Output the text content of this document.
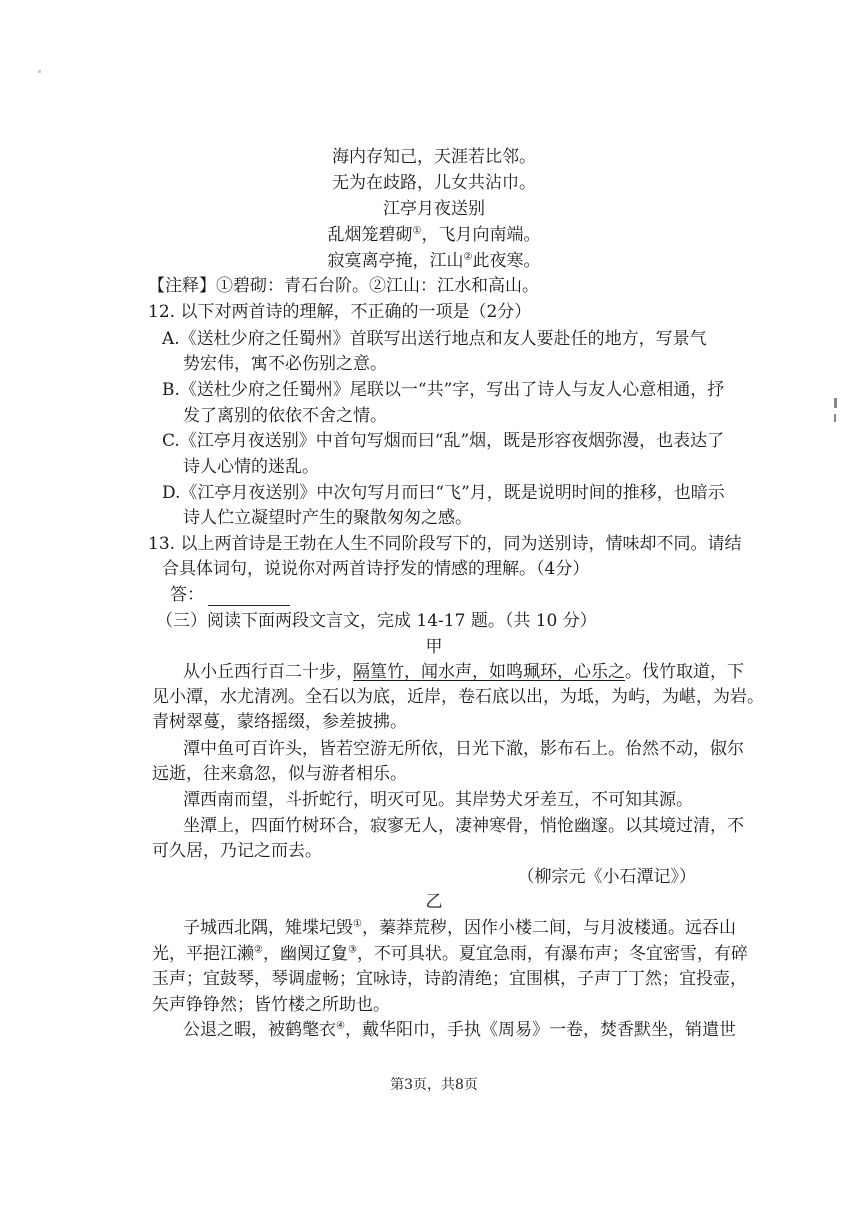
海内存知己，天涯若比邻。
无为在歧路，儿女共沾巾。
江亭月夜送别
乱烟笼碧砌①，飞月向南端。
寂寞离亭掩，江山②此夜寒。
【注释】①碧砌：青石台阶。②江山：江水和高山。
12. 以下对两首诗的理解，不正确的一项是（2分）
A.《送杜少府之任蜀州》首联写出送行地点和友人要赴任的地方，写景气
势宏伟，寓不必伤别之意。
B.《送杜少府之任蜀州》尾联以一“共”字，写出了诗人与友人心意相通，抒
发了离别的依依不舍之情。
C.《江亭月夜送别》中首句写烟而曰“乱”烟，既是形容夜烟弥漫，也表达了
诗人心情的迷乱。
D.《江亭月夜送别》中次句写月而曰“飞”月，既是说明时间的推移，也暗示
诗人伫立凝望时产生的聚散匆匆之感。
13. 以上两首诗是王勃在人生不同阶段写下的，同为送别诗，情味却不同。请结
合具体词句，说说你对两首诗抒发的情感的理解。（4分）
答：
（三）阅读下面两段文言文，完成 14-17 题。（共 10 分）
甲
从小丘西行百二十步，隔篁竹，闻水声，如鸣珮环，心乐之。伐竹取道，下
见小潭，水尤清冽。全石以为底，近岸，卷石底以出，为坻，为屿，为嵁，为岩。
青树翠蔓，蒙络摇缀，参差披拂。
潭中鱼可百许头，皆若空游无所依，日光下澈，影布石上。佁然不动，俶尔
远逝，往来翕忽，似与游者相乐。
潭西南而望，斗折蛇行，明灭可见。其岸势犬牙差互，不可知其源。
坐潭上，四面竹树环合，寂寥无人，凄神寒骨，悄怆幽邃。以其境过清，不
可久居，乃记之而去。
（柳宗元《小石潭记》）
乙
子城西北隅，雉堞圮毁①，蓁莽荒秽，因作小楼二间，与月波楼通。远吞山
光，平挹江濑②，幽阒辽夐③，不可具状。夏宜急雨，有瀑布声；冬宜密雪，有碎
玉声；宜鼓琴，琴调虚畅；宜咏诗，诗韵清绝；宜围棋，子声丁丁然；宜投壶，
矢声铮铮然；皆竹楼之所助也。
公退之暇，被鹤氅衣④，戴华阳巾，手执《周易》一卷，焚香默坐，销遣世
第3页，共8页
